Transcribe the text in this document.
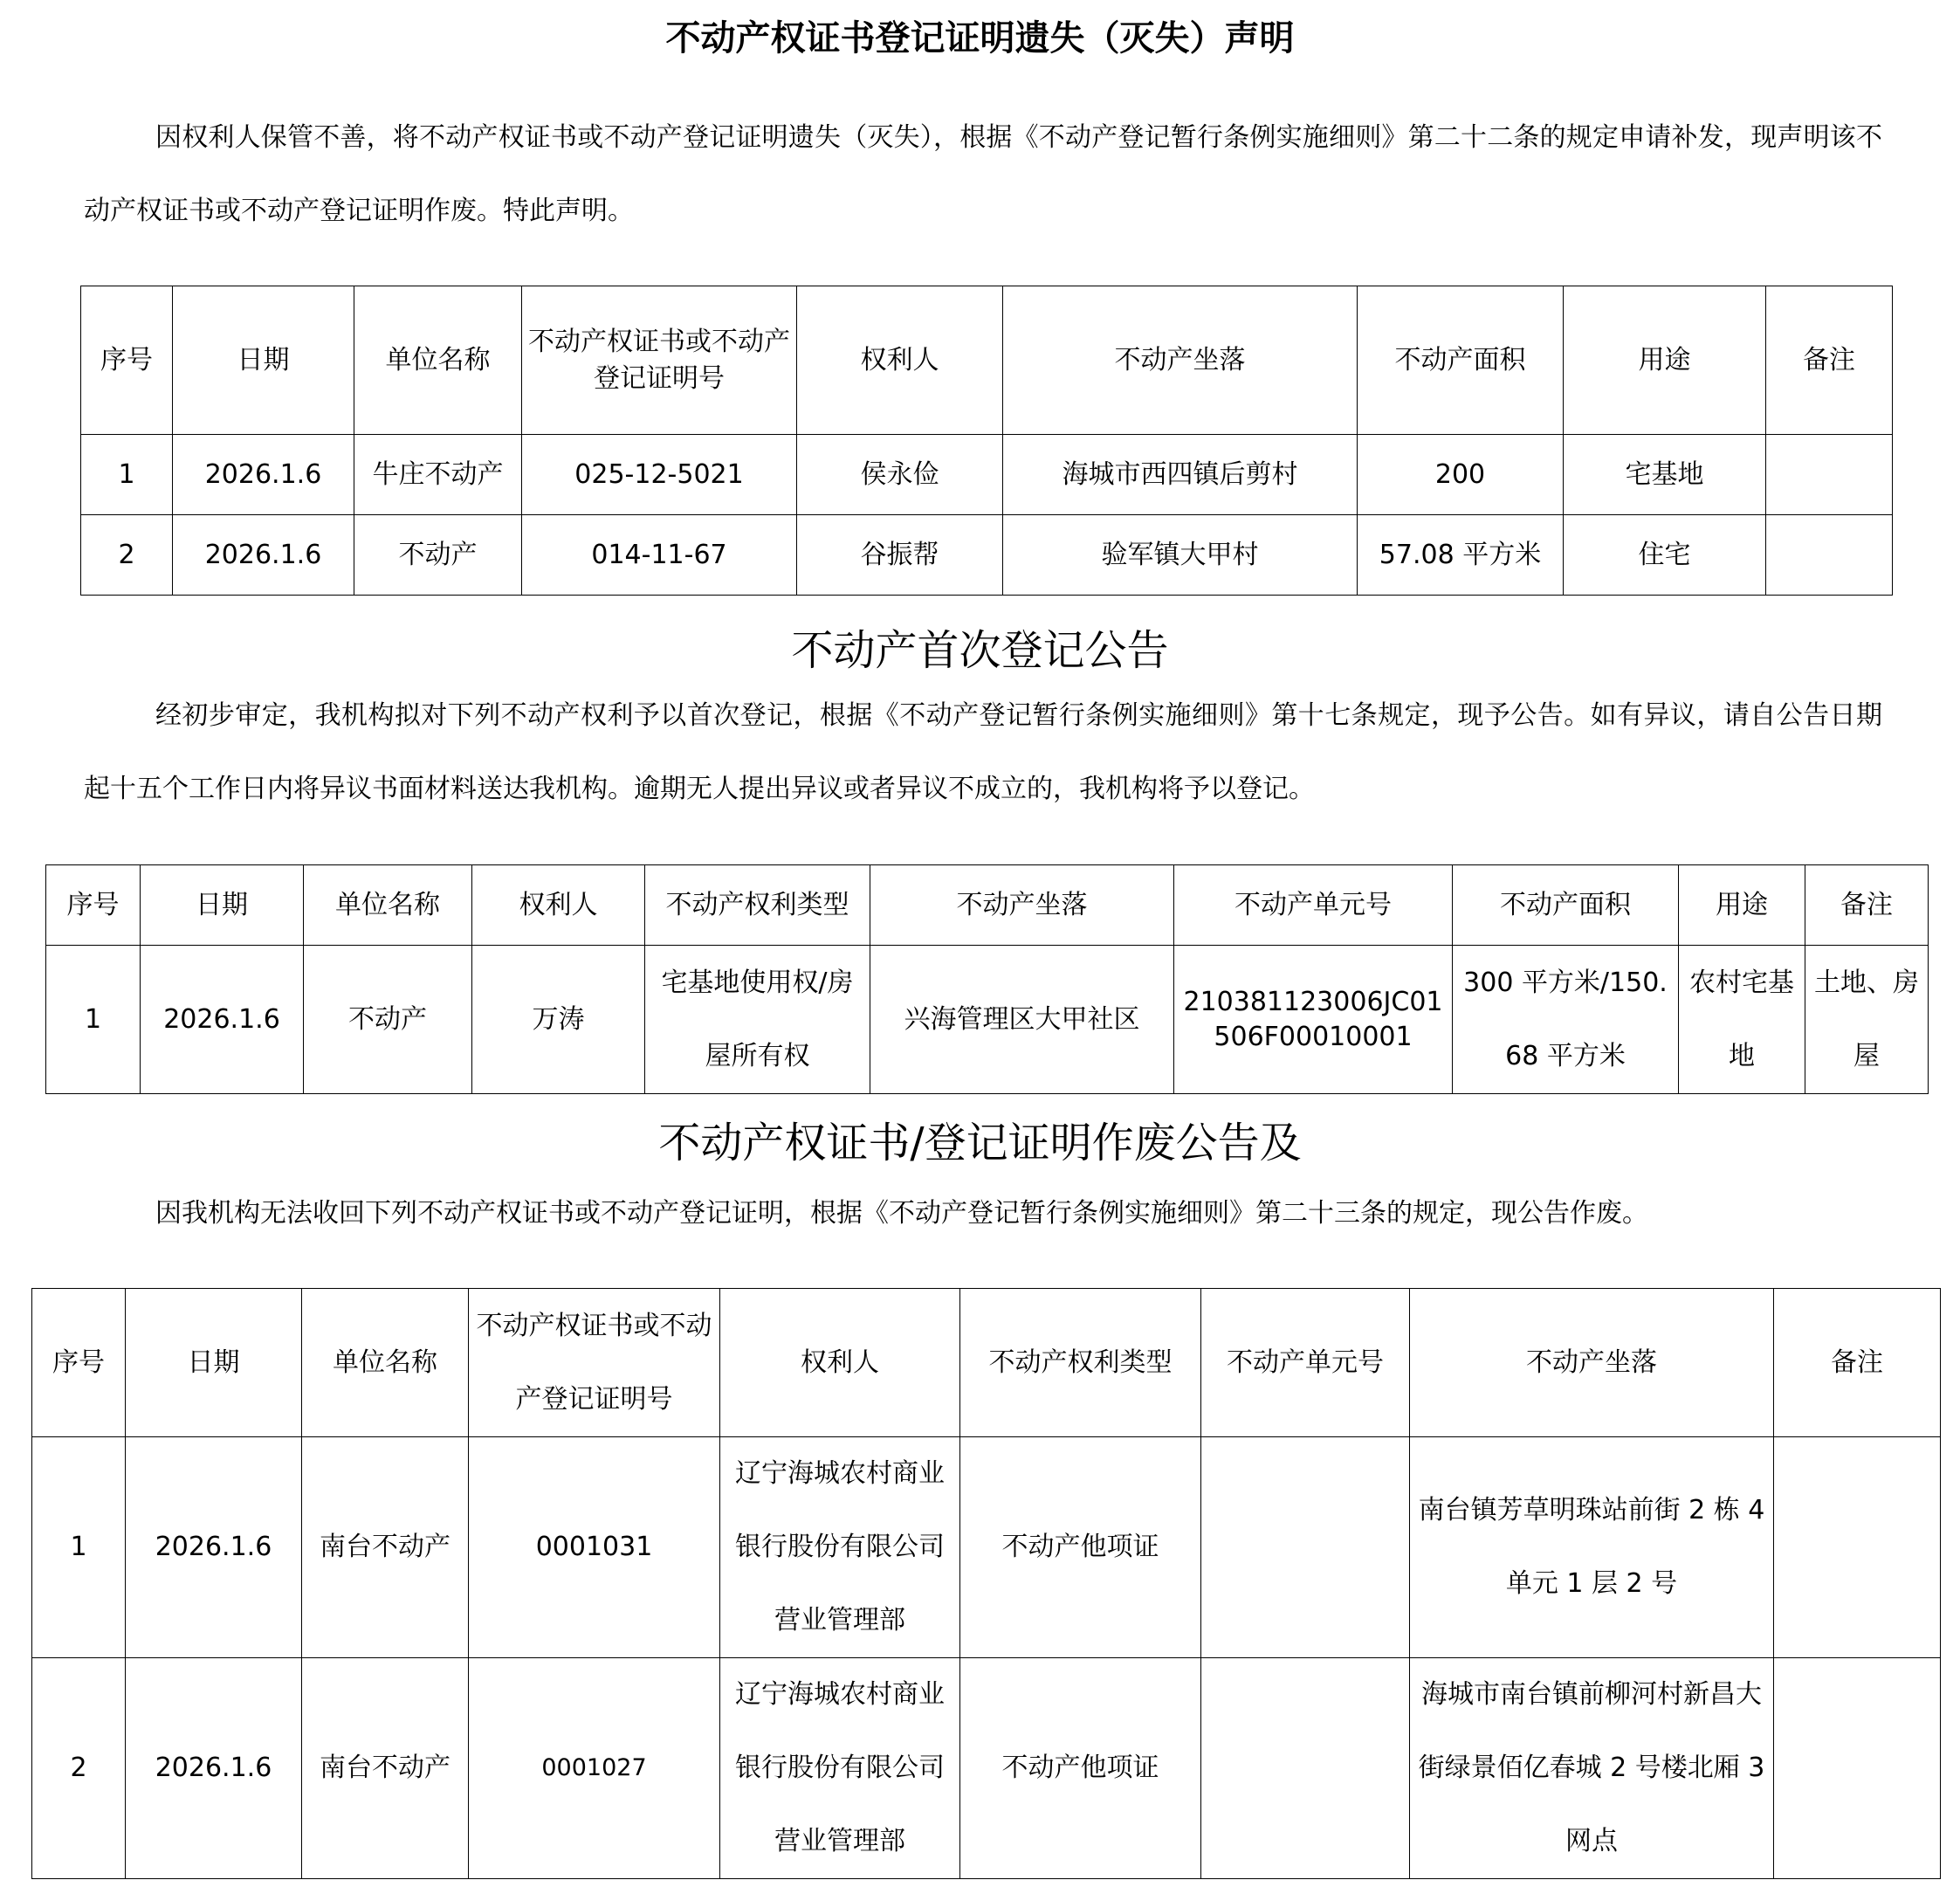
不动产权证书登记证明遗失（灭失）声明

因权利人保管不善，将不动产权证书或不动产登记证明遗失（灭失），根据《不动产登记暂行条例实施细则》第二十二条的规定申请补发，现声明该不动产权证书或不动产登记证明作废。特此声明。

序号	日期	单位名称	不动产权证书或不动产登记证明号	权利人	不动产坐落	不动产面积	用途	备注
1	2026.1.6	牛庄不动产	025-12-5021	侯永俭	海城市西四镇后剪村	200	宅基地	
2	2026.1.6	不动产	014-11-67	谷振帮	验军镇大甲村	57.08 平方米	住宅	
不动产首次登记公告

经初步审定，我机构拟对下列不动产权利予以首次登记，根据《不动产登记暂行条例实施细则》第十七条规定，现予公告。如有异议，请自公告日期起十五个工作日内将异议书面材料送达我机构。逾期无人提出异议或者异议不成立的，我机构将予以登记。

序号	日期	单位名称	权利人	不动产权利类型	不动产坐落	不动产单元号	不动产面积	用途	备注
1	2026.1.6	不动产	万涛	宅基地使用权/房屋所有权	兴海管理区大甲社区	210381123006JC01506F00010001	300 平方米/150.68 平方米	农村宅基地	土地、房屋
不动产权证书/登记证明作废公告及

因我机构无法收回下列不动产权证书或不动产登记证明，根据《不动产登记暂行条例实施细则》第二十三条的规定，现公告作废。

序号	日期	单位名称	不动产权证书或不动产登记证明号	权利人	不动产权利类型	不动产单元号	不动产坐落	备注
1	2026.1.6	南台不动产	0001031	辽宁海城农村商业银行股份有限公司营业管理部	不动产他项证		南台镇芳草明珠站前街 2 栋 4 单元 1 层 2 号	
2	2026.1.6	南台不动产	0001027	辽宁海城农村商业银行股份有限公司营业管理部	不动产他项证		海城市南台镇前柳河村新昌大街绿景佰亿春城 2 号楼北厢 3 网点	
